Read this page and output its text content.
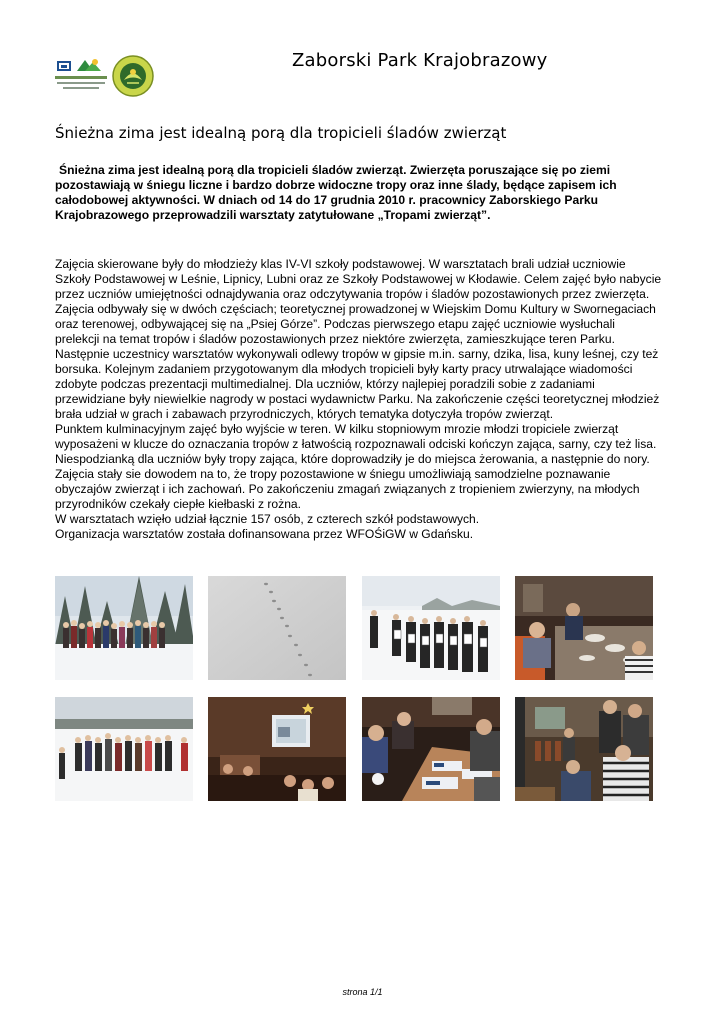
Zaborski Park Krajobrazowy
Śnieżna zima jest idealną porą dla tropicieli śladów zwierząt

Śnieżna zima jest idealną porą dla tropicieli śladów zwierząt. Zwierzęta poruszające się po ziemi

pozostawiają w śniegu liczne i bardzo dobrze widoczne tropy oraz inne ślady, będące zapisem ich

całodobowej aktywności. W dniach od 14 do 17 grudnia 2010 r. pracownicy Zaborskiego Parku

Krajobrazowego przeprowadzili warsztaty zatytułowane „Tropami zwierząt”.

Zajęcia skierowane były do młodzieży klas IV-VI szkoły podstawowej. W warsztatach brali udział uczniowie

Szkoły Podstawowej w Leśnie, Lipnicy, Lubni oraz ze Szkoły Podstawowej w Kłodawie. Celem zajęć było nabycie

przez uczniów umiejętności odnajdywania oraz odczytywania tropów i śladów pozostawionych przez zwierzęta.

Zajęcia odbywały się w dwóch częściach; teoretycznej prowadzonej w Wiejskim Domu Kultury w Swornegaciach

oraz terenowej, odbywającej się na „Psiej Górze”. Podczas pierwszego etapu zajęć uczniowie wysłuchali

prelekcji na temat tropów i śladów pozostawionych przez niektóre zwierzęta, zamieszkujące teren Parku.

Następnie uczestnicy warsztatów wykonywali odlewy tropów w gipsie m.in. sarny, dzika, lisa, kuny leśnej, czy też

borsuka. Kolejnym zadaniem przygotowanym dla młodych tropicieli były karty pracy utrwalające wiadomości

zdobyte podczas prezentacji multimedialnej. Dla uczniów, którzy najlepiej poradzili sobie z zadaniami

przewidziane były niewielkie nagrody w postaci wydawnictw Parku. Na zakończenie części teoretycznej młodzież

brała udział w grach i zabawach przyrodniczych, których tematyka dotyczyła tropów zwierząt.

Punktem kulminacyjnym zajęć było wyjście w teren. W kilku stopniowym mrozie młodzi tropiciele zwierząt

wyposażeni w klucze do oznaczania tropów z łatwością rozpoznawali odciski kończyn zająca, sarny, czy też lisa.

Niespodzianką dla uczniów były tropy zająca, które doprowadziły je do miejsca żerowania, a następnie do nory.

Zajęcia stały sie dowodem na to, że tropy pozostawione w śniegu umożliwiają samodzielne poznawanie

obyczajów zwierząt i ich zachowań. Po zakończeniu zmagań związanych z tropieniem zwierzyny, na młodych

przyrodników czekały ciepłe kiełbaski z rożna.

W warsztatach wzięło udział łącznie 157 osób, z czterech szkół podstawowych.

Organizacja warsztatów została dofinansowana przez WFOŚiGW w Gdańsku.

strona 1/1
